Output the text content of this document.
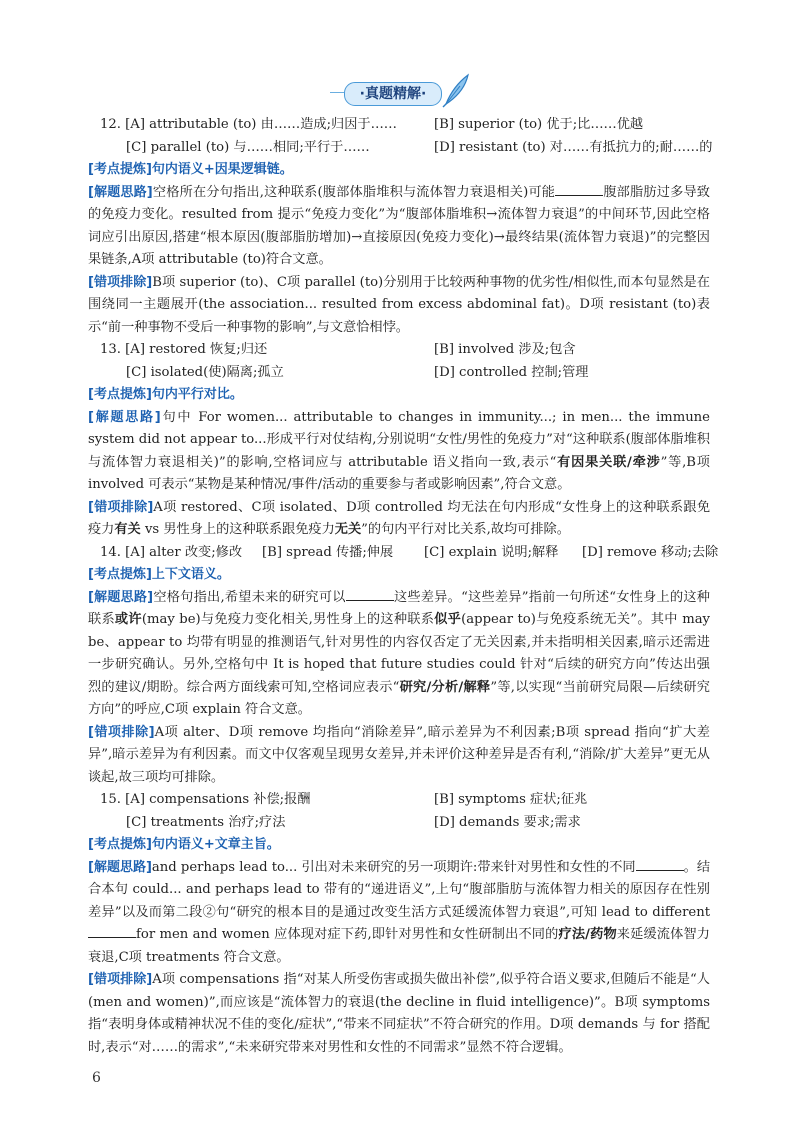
·真题精解·
12. [A] attributable (to) 由……造成;归因于……	[B] superior (to) 优于;比……优越
[C] parallel (to) 与……相同;平行于……	[D] resistant (to) 对……有抵抗力的;耐……的
[考点提炼]句内语义+因果逻辑链。
[解题思路]空格所在分句指出,这种联系(腹部体脂堆积与流体智力衰退相关)可能	腹部脂肪过多导致的免疫力变化。resulted from 提示“免疫力变化”为“腹部体脂堆积→流体智力衰退”的中间环节,因此空格词应引出原因,搭建“根本原因(腹部脂肪增加)→直接原因(免疫力变化)→最终结果(流体智力衰退)”的完整因果链条,A项 attributable (to)符合文意。
[错项排除]B项 superior (to)、C项 parallel (to)分别用于比较两种事物的优劣性/相似性,而本句显然是在围绕同一主题展开(the association... resulted from excess abdominal fat)。D项 resistant (to)表示“前一种事物不受后一种事物的影响”,与文意恰相悖。
13. [A] restored 恢复;归还	[B] involved 涉及;包含
[C] isolated(使)隔离;孤立	[D] controlled 控制;管理
[考点提炼]句内平行对比。
[解题思路]句中 For women... attributable to changes in immunity...; in men... the immune system did not appear to...形成平行对仗结构,分别说明“女性/男性的免疫力”对“这种联系(腹部体脂堆积与流体智力衰退相关)”的影响,空格词应与 attributable 语义指向一致,表示“有因果关联/牵涉”等,B项 involved 可表示“某物是某种情况/事件/活动的重要参与者或影响因素”,符合文意。
[错项排除]A项 restored、C项 isolated、D项 controlled 均无法在句内形成“女性身上的这种联系跟免疫力有关 vs 男性身上的这种联系跟免疫力无关”的句内平行对比关系,故均可排除。
14. [A] alter 改变;修改 [B] spread 传播;伸展 [C] explain 说明;解释 [D] remove 移动;去除
[考点提炼]上下文语义。
[解题思路]空格句指出,希望未来的研究可以	这些差异。“这些差异”指前一句所述“女性身上的这种联系或许(may be)与免疫力变化相关,男性身上的这种联系似乎(appear to)与免疫系统无关”。其中 may be、appear to 均带有明显的推测语气,针对男性的内容仅否定了无关因素,并未指明相关因素,暗示还需进一步研究确认。另外,空格句中 It is hoped that future studies could 针对“后续的研究方向”传达出强烈的建议/期盼。综合两方面线索可知,空格词应表示“研究/分析/解释”等,以实现“当前研究局限—后续研究方向”的呼应,C项 explain 符合文意。
[错项排除]A项 alter、D项 remove 均指向“消除差异”,暗示差异为不利因素;B项 spread 指向“扩大差异”,暗示差异为有利因素。而文中仅客观呈现男女差异,并未评价这种差异是否有利,“消除/扩大差异”更无从谈起,故三项均可排除。
15. [A] compensations 补偿;报酬	[B] symptoms 症状;征兆
[C] treatments 治疗;疗法	[D] demands 要求;需求
[考点提炼]句内语义+文章主旨。
[解题思路]and perhaps lead to... 引出对未来研究的另一项期许:带来针对男性和女性的不同	。结合本句 could... and perhaps lead to 带有的“递进语义”,上句“腹部脂肪与流体智力相关的原因存在性别差异”以及而第二段②句“研究的根本目的是通过改变生活方式延缓流体智力衰退”,可知 lead to differentfor men and women 应体现对症下药,即针对男性和女性研制出不同的疗法/药物来延缓流体智力衰退,C项 treatments 符合文意。
[错项排除]A项 compensations 指“对某人所受伤害或损失做出补偿”,似乎符合语义要求,但随后不能是“人(men and women)”,而应该是“流体智力的衰退(the decline in fluid intelligence)”。B项 symptoms 指“表明身体或精神状况不佳的变化/症状”,“带来不同症状”不符合研究的作用。D项 demands 与 for 搭配时,表示“对……的需求”,“未来研究带来对男性和女性的不同需求”显然不符合逻辑。
6
